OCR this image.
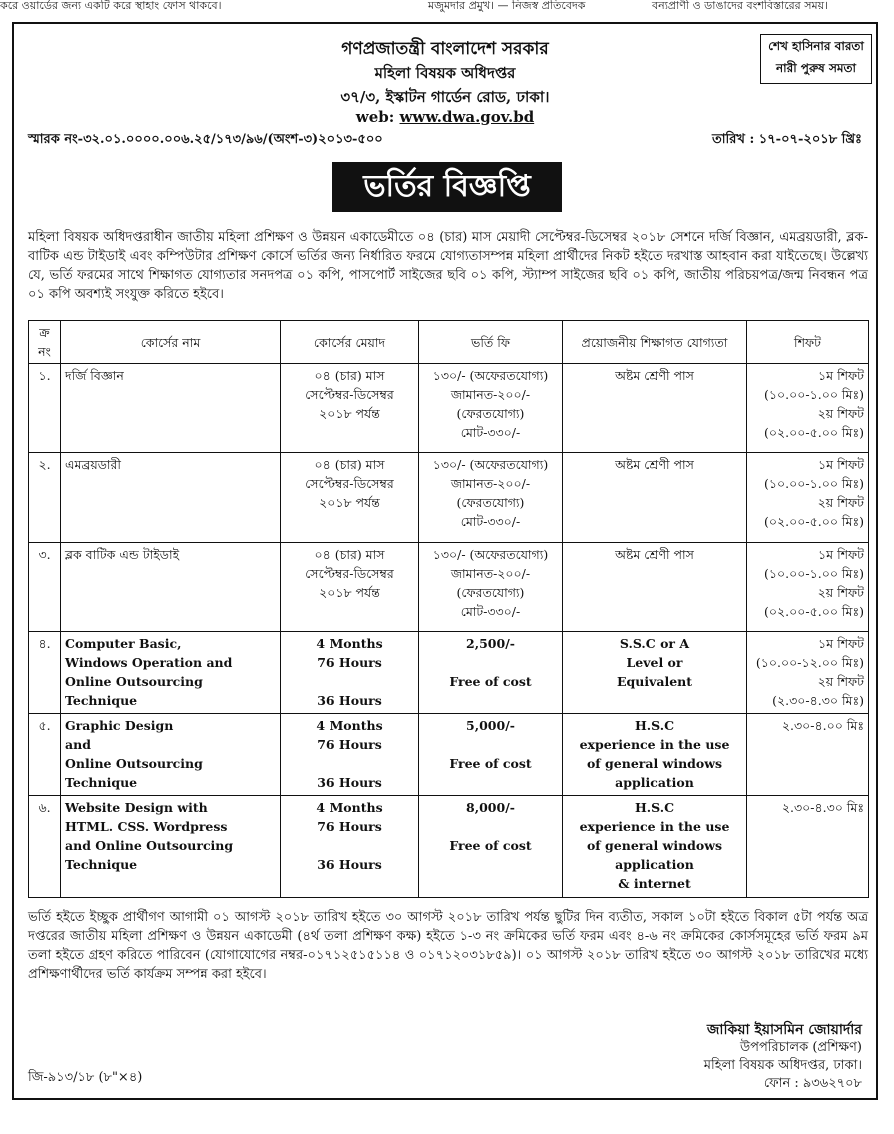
করে ওয়ার্ডের জন্য একটি করে স্থাহাং ফোস থাকবে।	মজুমদার প্রমুখ। — নিজস্ব প্রতিবেদক	বন্যপ্রাণী ও ডাঙাদের বংশবিস্তারের সময়।
গণপ্রজাতন্ত্রী বাংলাদেশ সরকার
মহিলা বিষয়ক অধিদপ্তর
৩৭/৩, ইস্কাটন গার্ডেন রোড, ঢাকা।
web: www.dwa.gov.bd
শেখ হাসিনার বারতা
নারী পুরুষ সমতা
স্মারক নং-৩২.০১.০০০০.০০৬.২৫/১৭৩/৯৬/(অংশ-৩)২০১৩-৫০০	তারিখ : ১৭-০৭-২০১৮ খ্রিঃ
ভর্তির বিজ্ঞপ্তি
মহিলা বিষয়ক অধিদপ্তরাধীন জাতীয় মহিলা প্রশিক্ষণ ও উন্নয়ন একাডেমীতে ০৪ (চার) মাস মেয়াদী সেপ্টেম্বর-ডিসেম্বর ২০১৮ সেশনে দর্জি বিজ্ঞান, এমব্রয়ডারী, ব্লক-বাটিক এন্ড টাইডাই এবং কম্পিউটার প্রশিক্ষণ কোর্সে ভর্তির জন্য নির্ধারিত ফরমে যোগ্যতাসম্পন্ন মহিলা প্রার্থীদের নিকট হইতে দরখাস্ত আহবান করা যাইতেছে। উল্লেখ্য যে, ভর্তি ফরমের সাথে শিক্ষাগত যোগ্যতার সনদপত্র ০১ কপি, পাসপোর্ট সাইজের ছবি ০১ কপি, স্ট্যাম্প সাইজের ছবি ০১ কপি, জাতীয় পরিচয়পত্র/জন্ম নিবন্ধন পত্র ০১ কপি অবশ্যই সংযুক্ত করিতে হইবে।
ক্র নং	কোর্সের নাম	কোর্সের মেয়াদ	ভর্তি ফি	প্রয়োজনীয় শিক্ষাগত যোগ্যতা	শিফট
১.	দর্জি বিজ্ঞান	০৪ (চার) মাস
সেপ্টেম্বর-ডিসেম্বর
২০১৮ পর্যন্ত	১৩০/- (অফেরতযোগ্য)
জামানত-২০০/-
(ফেরতযোগ্য)
মোট-৩৩০/-	অষ্টম শ্রেণী পাস	১ম শিফট
(১০.০০-১.০০ মিঃ)
২য় শিফট
(০২.০০-৫.০০ মিঃ)

২.	এমব্রয়ডারী	০৪ (চার) মাস
সেপ্টেম্বর-ডিসেম্বর
২০১৮ পর্যন্ত	১৩০/- (অফেরতযোগ্য)
জামানত-২০০/-
(ফেরতযোগ্য)
মোট-৩৩০/-	অষ্টম শ্রেণী পাস	১ম শিফট
(১০.০০-১.০০ মিঃ)
২য় শিফট
(০২.০০-৫.০০ মিঃ)

৩.	ব্লক বাটিক এন্ড টাইডাই	০৪ (চার) মাস
সেপ্টেম্বর-ডিসেম্বর
২০১৮ পর্যন্ত	১৩০/- (অফেরতযোগ্য)
জামানত-২০০/-
(ফেরতযোগ্য)
মোট-৩৩০/-	অষ্টম শ্রেণী পাস	১ম শিফট
(১০.০০-১.০০ মিঃ)
২য় শিফট
(০২.০০-৫.০০ মিঃ)

৪.	Computer Basic,
Windows Operation and
Online Outsourcing
Technique	4 Months
76 Hours
36 Hours	2,500/-
Free of cost	S.S.C or A
Level or
Equivalent	১ম শিফট
(১০.০০-১২.০০ মিঃ)
২য় শিফট
(২.৩০-৪.৩০ মিঃ)

৫.	Graphic Design
and
Online Outsourcing
Technique	4 Months
76 Hours
36 Hours	5,000/-
Free of cost	H.S.C
experience in the use
of general windows
application	২.৩০-৪.০০ মিঃ

৬.	Website Design with
HTML. CSS. Wordpress
and Online Outsourcing
Technique	4 Months
76 Hours
36 Hours	8,000/-
Free of cost	H.S.C
experience in the use
of general windows
application
& internet	২.৩০-৪.৩০ মিঃ
ভর্তি হইতে ইচ্ছুক প্রার্থীগণ আগামী ০১ আগস্ট ২০১৮ তারিখ হইতে ৩০ আগস্ট ২০১৮ তারিখ পর্যন্ত ছুটির দিন ব্যতীত, সকাল ১০টা হইতে বিকাল ৫টা পর্যন্ত অত্র দপ্তরের জাতীয় মহিলা প্রশিক্ষণ ও উন্নয়ন একাডেমী (৪র্থ তলা প্রশিক্ষণ কক্ষ) হইতে ১-৩ নং ক্রমিকের ভর্তি ফরম এবং ৪-৬ নং ক্রমিকের কোর্সসমূহের ভর্তি ফরম ৯ম তলা হইতে গ্রহণ করিতে পারিবেন (যোগাযোগের নম্বর-০১৭১২৫১৫১১৪ ও ০১৭১২০৩১৮৫৯)। ০১ আগস্ট ২০১৮ তারিখ হইতে ৩০ আগস্ট ২০১৮ তারিখের মধ্যে প্রশিক্ষণার্থীদের ভর্তি কার্যক্রম সম্পন্ন করা হইবে।
জাকিয়া ইয়াসমিন জোয়ার্দার
উপপরিচালক (প্রশিক্ষণ)
মহিলা বিষয়ক অধিদপ্তর, ঢাকা।
ফোন : ৯৩৬২৭০৮
জি-৯১৩/১৮ (৮"×৪)
